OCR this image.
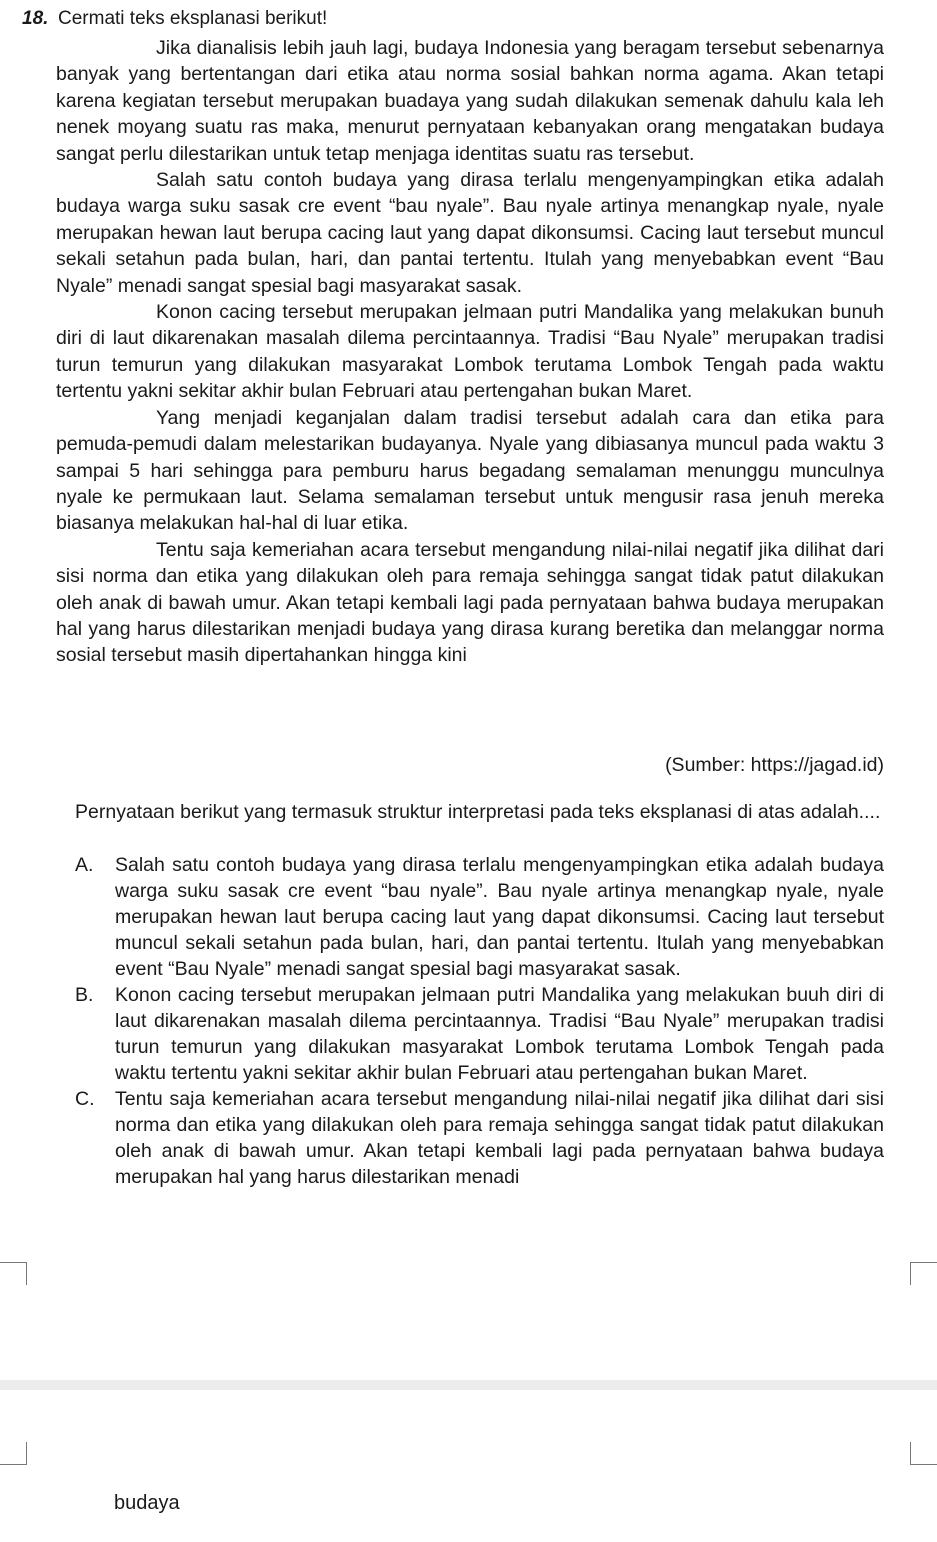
18. Cermati teks eksplanasi berikut!

Jika dianalisis lebih jauh lagi, budaya Indonesia yang beragam tersebut sebenarnya banyak yang bertentangan dari etika atau norma sosial bahkan norma agama. Akan tetapi karena kegiatan tersebut merupakan buadaya yang sudah dilakukan semenak dahulu kala leh nenek moyang suatu ras maka, menurut pernyataan kebanyakan orang mengatakan budaya sangat perlu dilestarikan untuk tetap menjaga identitas suatu ras tersebut.

Salah satu contoh budaya yang dirasa terlalu mengenyampingkan etika adalah budaya warga suku sasak cre event “bau nyale”. Bau nyale artinya menangkap nyale, nyale merupakan hewan laut berupa cacing laut yang dapat dikonsumsi. Cacing laut tersebut muncul sekali setahun pada bulan, hari, dan pantai tertentu. Itulah yang menyebabkan event “Bau Nyale” menadi sangat spesial bagi masyarakat sasak.

Konon cacing tersebut merupakan jelmaan putri Mandalika yang melakukan bunuh diri di laut dikarenakan masalah dilema percintaannya. Tradisi “Bau Nyale” merupakan tradisi turun temurun yang dilakukan masyarakat Lombok terutama Lombok Tengah pada waktu tertentu yakni sekitar akhir bulan Februari atau pertengahan bukan Maret.

Yang menjadi keganjalan dalam tradisi tersebut adalah cara dan etika para pemuda-pemudi dalam melestarikan budayanya. Nyale yang dibiasanya muncul pada waktu 3 sampai 5 hari sehingga para pemburu harus begadang semalaman menunggu munculnya nyale ke permukaan laut. Selama semalaman tersebut untuk mengusir rasa jenuh mereka biasanya melakukan hal-hal di luar etika.

Tentu saja kemeriahan acara tersebut mengandung nilai-nilai negatif jika dilihat dari sisi norma dan etika yang dilakukan oleh para remaja sehingga sangat tidak patut dilakukan oleh anak di bawah umur. Akan tetapi kembali lagi pada pernyataan bahwa budaya merupakan hal yang harus dilestarikan menjadi budaya yang dirasa kurang beretika dan melanggar norma sosial tersebut masih dipertahankan hingga kini

(Sumber: https://jagad.id)
Pernyataan berikut yang termasuk struktur interpretasi pada teks eksplanasi di atas adalah....
A.	Salah satu contoh budaya yang dirasa terlalu mengenyampingkan etika adalah budaya warga suku sasak cre event “bau nyale”. Bau nyale artinya menangkap nyale, nyale merupakan hewan laut berupa cacing laut yang dapat dikonsumsi. Cacing laut tersebut muncul sekali setahun pada bulan, hari, dan pantai tertentu. Itulah yang menyebabkan event “Bau Nyale” menadi sangat spesial bagi masyarakat sasak.
B.	Konon cacing tersebut merupakan jelmaan putri Mandalika yang melakukan buuh diri di laut dikarenakan masalah dilema percintaannya. Tradisi “Bau Nyale” merupakan tradisi turun temurun yang dilakukan masyarakat Lombok terutama Lombok Tengah pada waktu tertentu yakni sekitar akhir bulan Februari atau pertengahan bukan Maret.
C.	Tentu saja kemeriahan acara tersebut mengandung nilai-nilai negatif jika dilihat dari sisi norma dan etika yang dilakukan oleh para remaja sehingga sangat tidak patut dilakukan oleh anak di bawah umur. Akan tetapi kembali lagi pada pernyataan bahwa budaya merupakan hal yang harus dilestarikan menadi
budaya
